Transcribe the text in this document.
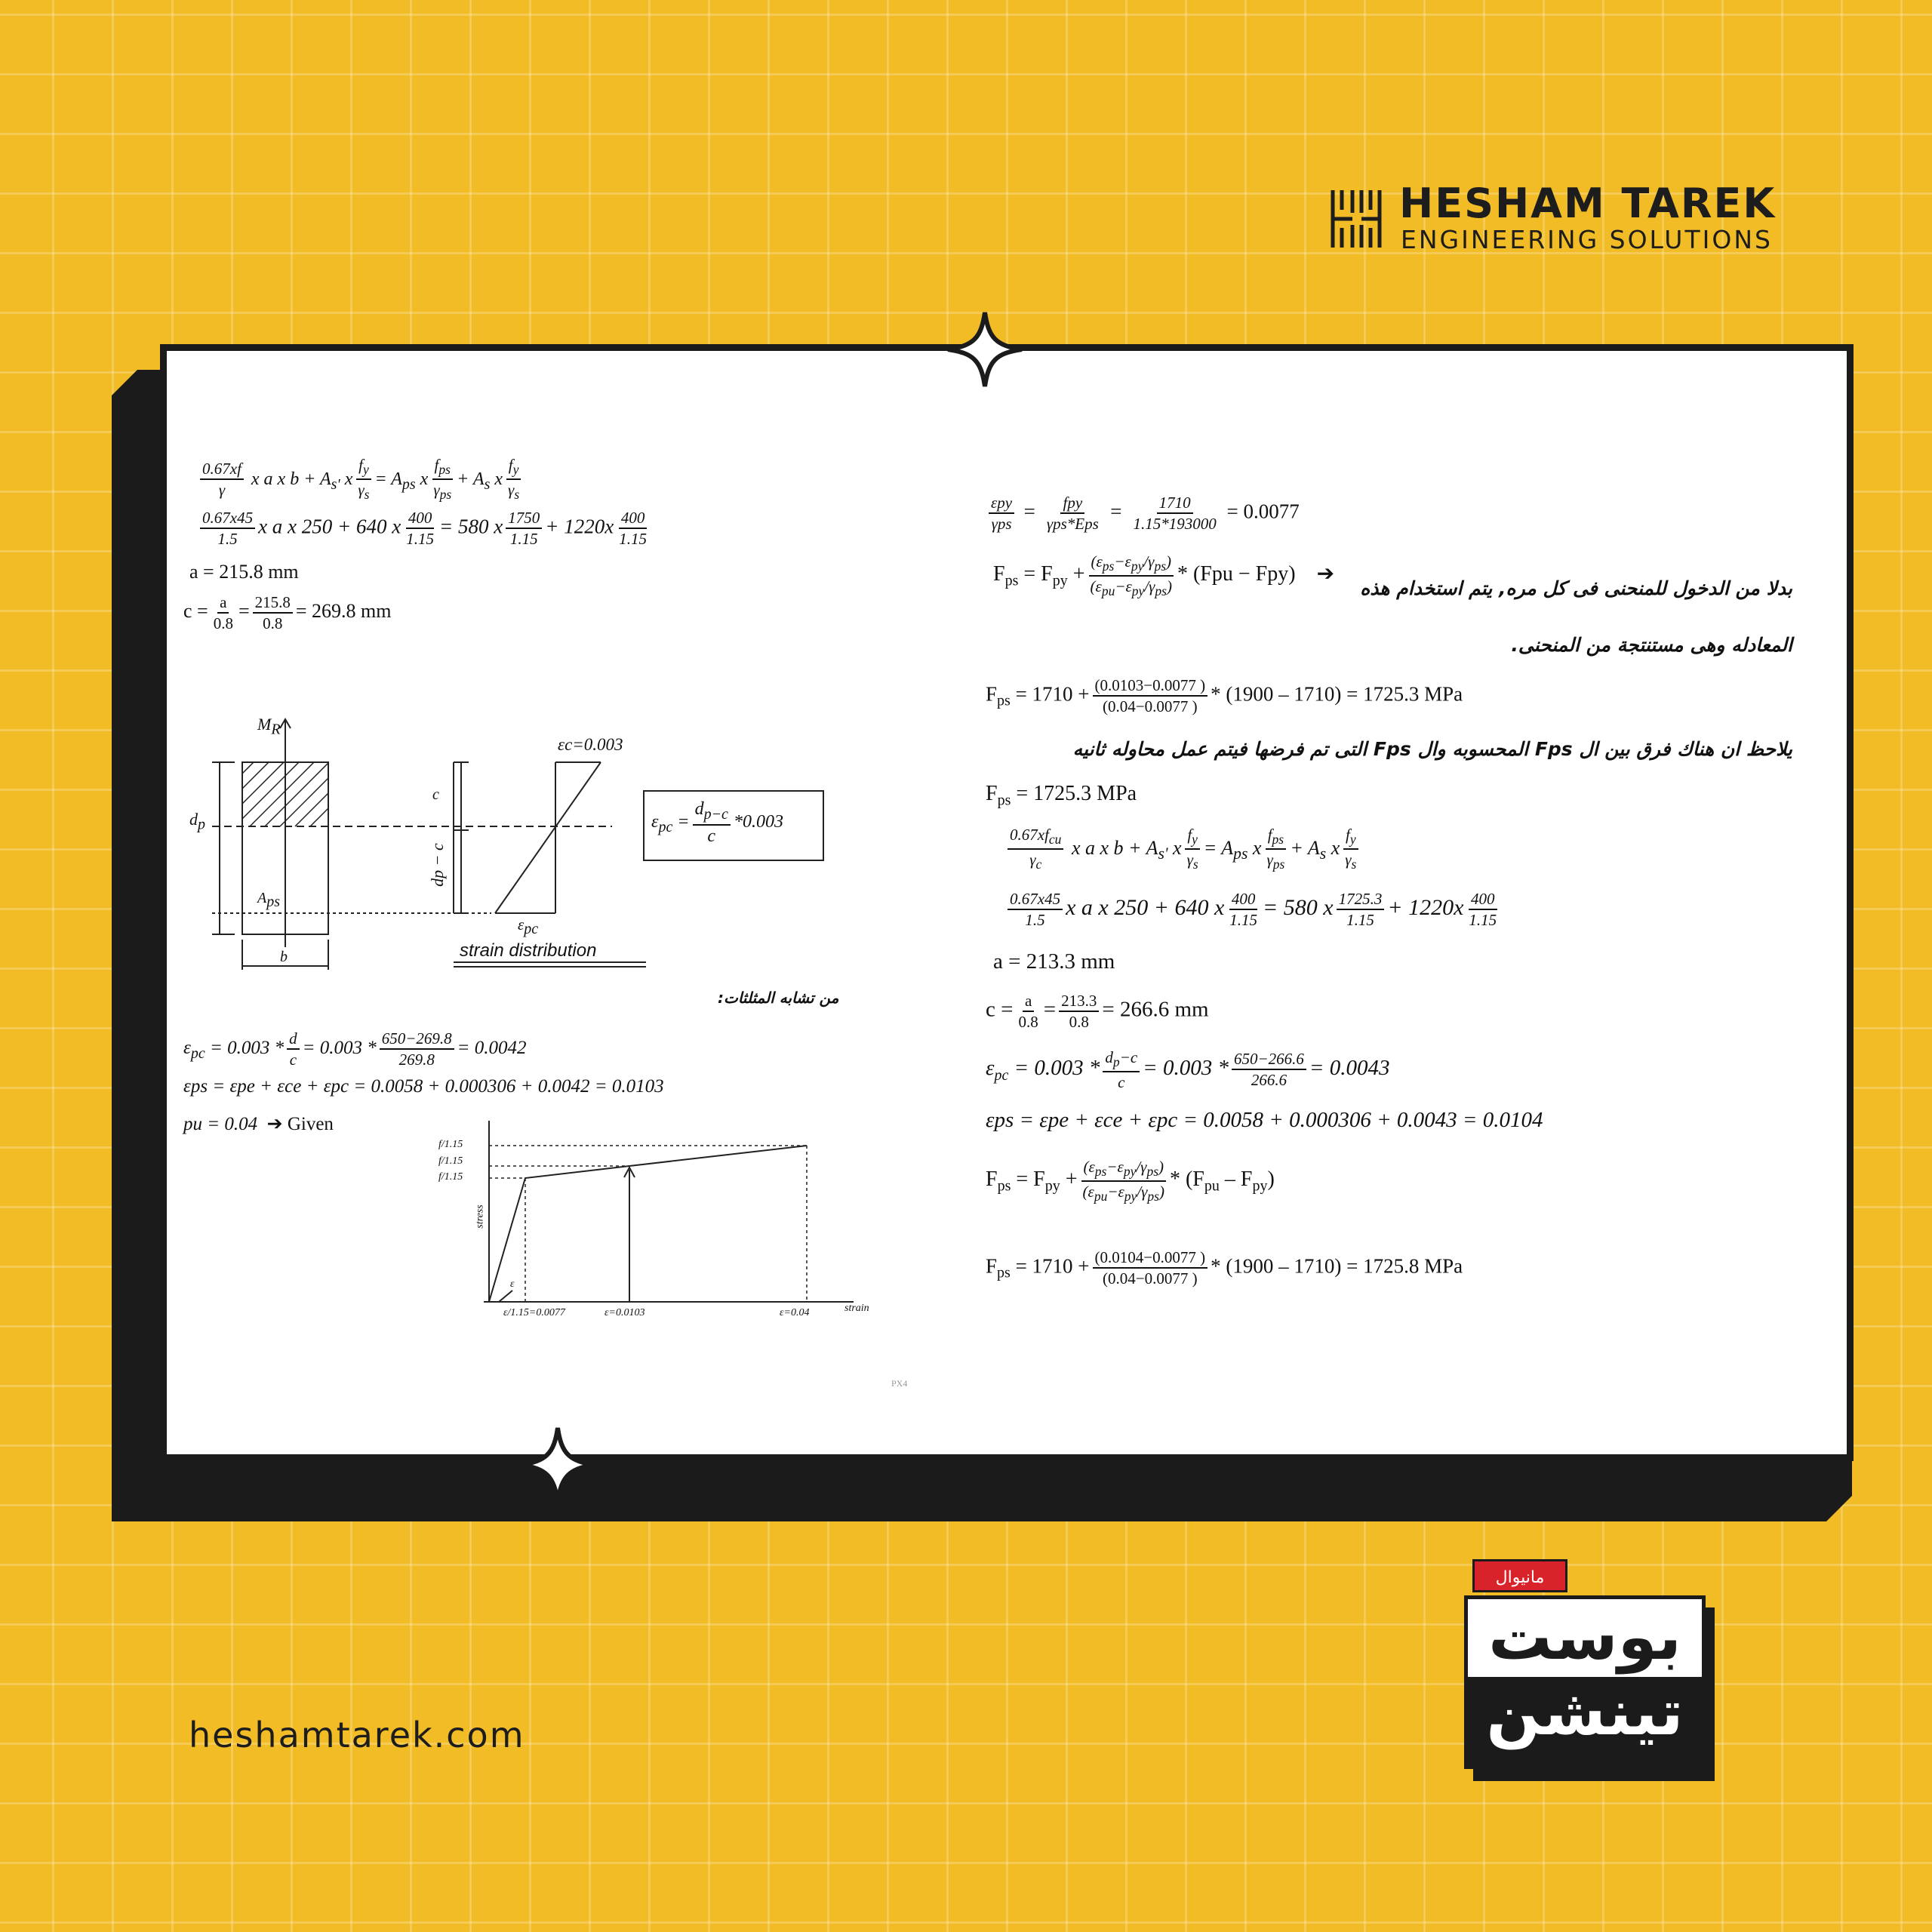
HESHAM TAREK
ENGINEERING SOLUTIONS
$\frac{0.67xf}{\gamma}$ x a x $b + A_{s'}$ x $\frac{f_y}{\gamma_s} = A_{ps}$ x $\frac{f_{ps}}{\gamma_{ps}} + A_s$ x $\frac{f_y}{\gamma_s}$
$\frac{0.67x45}{1.5}$ x a x 250 + 640 x $\frac{400}{1.15} = 580$ x $\frac{1750}{1.15} + 1220x \frac{400}{1.15}$
a = 215.8 mm
$c = \frac{a}{0.8} = \frac{215.8}{0.8} = 269.8$ mm
$M_R$
$d_p$
$A_{ps}$
b
c
dp − c
εc=0.003
$\varepsilon_{pc}$
strain distribution
$\varepsilon_{pc} = \frac{d_{p-c}}{c} *0.003$
من تشابه المثلثات:
$\varepsilon_{pc} = 0.003 * \frac{d}{c} = 0.003 * \frac{650-269.8}{269.8} = 0.0042$
εps = εpe + εce + εpc = 0.0058 + 0.000306 + 0.0042 = 0.0103
pu = 0.04 ➔ Given
stress
strain
f/1.15
f/1.15
f/1.15
ε/1.15=0.0077	ε=0.0103	ε=0.04
ε
$\frac{\text{εpy}}{\text{γps}} = \frac{\text{fpy}}{\text{γps*Eps}} = \frac{1710}{1.15*193000} = 0.0077$
$F_{ps} = F_{py} + \frac{(\varepsilon_{ps}-\varepsilon_{py}/\gamma_{ps})}{(\varepsilon_{pu}-\varepsilon_{py}/\gamma_{ps})} * (Fpu - Fpy)$    ➔
بدلا من الدخول للمنحنى فى كل مره, يتم استخدام هذه
المعادله وهى مستنتجة من المنحنى.
$F_{ps} = 1710 + \frac{(0.0103-0.0077 )}{(0.04-0.0077 )} * (1900 - 1710) = 1725.3$ MPa
يلاحظ ان هناك فرق بين ال Fps المحسوبه وال Fps التى تم فرضها فيتم عمل محاوله ثانيه
$F_{ps} = 1725.3$ MPa
$\frac{0.67xf_{cu}}{\gamma_c}$ x a x $b + A_{s'}$ x $\frac{f_y}{\gamma_s} = A_{ps}$ x $\frac{f_{ps}}{\gamma_{ps}} + A_s$ x $\frac{f_y}{\gamma_s}$
$\frac{0.67x45}{1.5}$ x a x 250 + 640 x $\frac{400}{1.15} = 580$ x $\frac{1725.3}{1.15} + 1220x \frac{400}{1.15}$
a = 213.3 mm
$c = \frac{a}{0.8} = \frac{213.3}{0.8} = 266.6$ mm
$\varepsilon_{pc} = 0.003 * \frac{d_p-c}{c} = 0.003 * \frac{650-266.6}{266.6} = 0.0043$
εps = εpe + εce + εpc = 0.0058 + 0.000306 + 0.0043 = 0.0104
$F_{ps} = F_{py} + \frac{(\varepsilon_{ps}-\varepsilon_{py}/\gamma_{ps})}{(\varepsilon_{pu}-\varepsilon_{py}/\gamma_{ps})} * (F_{pu} - F_{py})$
$F_{ps} = 1710 + \frac{(0.0104-0.0077 )}{(0.04-0.0077 )} * (1900 - 1710) = 1725.8$ MPa
PX4
heshamtarek.com
بوست
تينشن
مانيوال
